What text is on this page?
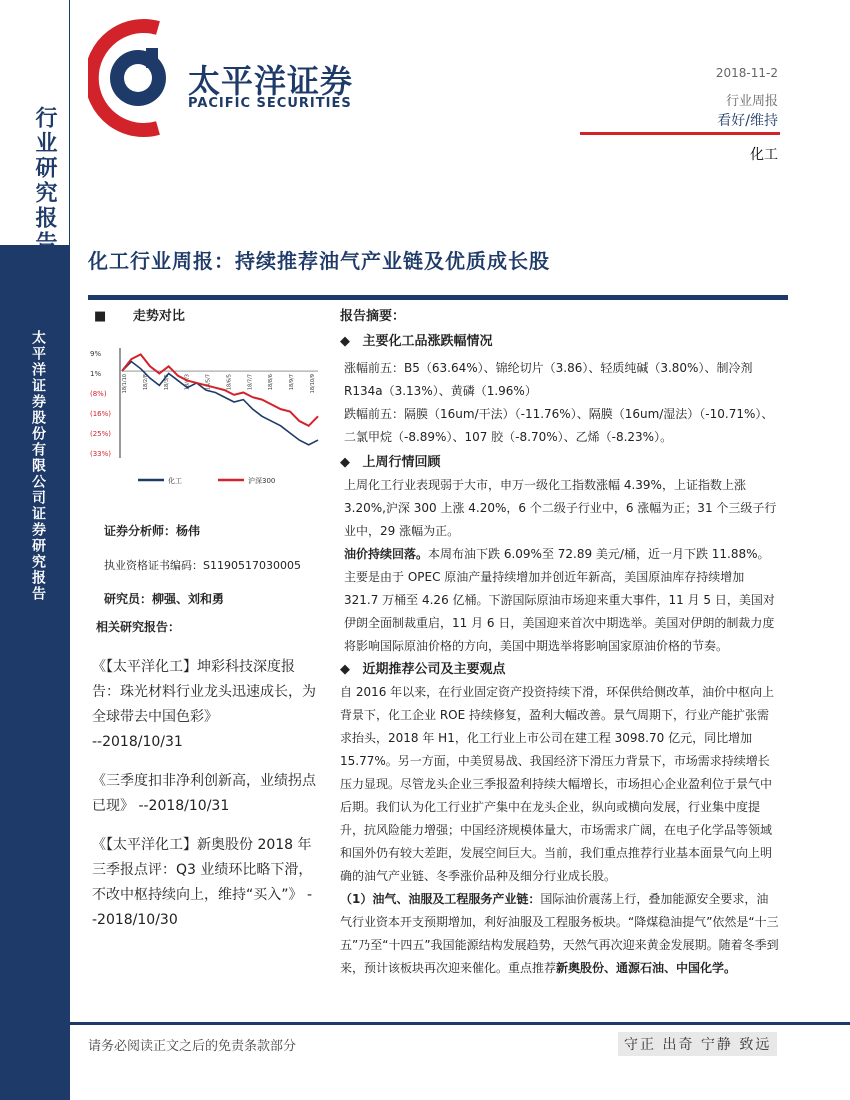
行业研究报告
太平洋证券股份有限公司证券研究报告
太平洋证券
PACIFIC SECURITIES
2018-11-2
行业周报
看好/维持
化工
化工行业周报：持续推荐油气产业链及优质成长股
■ 走势对比
9%
1%
(8%)
(16%)
(25%)
(33%)
18/1/10	18/2/8	18/3/5	18/4/3	18/5/7	18/6/5	18/7/7	18/8/6	18/9/7	18/10/9
化工	沪深300
证券分析师：杨伟
执业资格证书编码：S1190517030005
研究员：柳强、刘和勇
相关研究报告：
《【太平洋化工】坤彩科技深度报告：珠光材料行业龙头迅速成长，为全球带去中国色彩》
--2018/10/31
《三季度扣非净利创新高，业绩拐点已现》 --2018/10/31
《【太平洋化工】新奥股份 2018 年三季报点评：Q3 业绩环比略下滑，不改中枢持续向上，维持“买入”》 --2018/10/30
报告摘要：
◆ 主要化工品涨跌幅情况

涨幅前五：B5（63.64%）、锦纶切片（3.86）、轻质纯碱（3.80%）、制冷剂 R134a（3.13%）、黄磷（1.96%）

跌幅前五：隔膜（16um/干法）（-11.76%）、隔膜（16um/湿法）（-10.71%）、二氯甲烷（-8.89%）、107 胶（-8.70%）、乙烯（-8.23%）。

◆ 上周行情回顾

上周化工行业表现弱于大市，申万一级化工指数涨幅 4.39%，上证指数上涨 3.20%,沪深 300 上涨 4.20%，6 个二级子行业中，6 涨幅为正；31 个三级子行业中，29 涨幅为正。

油价持续回落。本周布油下跌 6.09%至 72.89 美元/桶，近一月下跌 11.88%。主要是由于 OPEC 原油产量持续增加并创近年新高，美国原油库存持续增加 321.7 万桶至 4.26 亿桶。下游国际原油市场迎来重大事件，11 月 5 日，美国对伊朗全面制裁重启，11 月 6 日，美国迎来首次中期选举。美国对伊朗的制裁力度将影响国际原油价格的方向，美国中期选举将影响国家原油价格的节奏。

◆ 近期推荐公司及主要观点

自 2016 年以来，在行业固定资产投资持续下滑，环保供给侧改革，油价中枢向上背景下，化工企业 ROE 持续修复，盈利大幅改善。景气周期下，行业产能扩张需求抬头，2018 年 H1，化工行业上市公司在建工程 3098.70 亿元，同比增加 15.77%。另一方面，中美贸易战、我国经济下滑压力背景下，市场需求持续增长压力显现。尽管龙头企业三季报盈利持续大幅增长，市场担心企业盈利位于景气中后期。我们认为化工行业扩产集中在龙头企业，纵向或横向发展，行业集中度提升，抗风险能力增强；中国经济规模体量大，市场需求广阔，在电子化学品等领域和国外仍有较大差距，发展空间巨大。当前，我们重点推荐行业基本面景气向上明确的油气产业链、冬季涨价品种及细分行业成长股。

（1）油气、油服及工程服务产业链：国际油价震荡上行，叠加能源安全要求，油气行业资本开支预期增加，利好油服及工程服务板块。“降煤稳油提气”依然是“十三五”乃至“十四五”我国能源结构发展趋势，天然气再次迎来黄金发展期。随着冬季到来，预计该板块再次迎来催化。重点推荐新奥股份、通源石油、中国化学。

请务必阅读正文之后的免责条款部分	守正 出奇 宁静 致远
